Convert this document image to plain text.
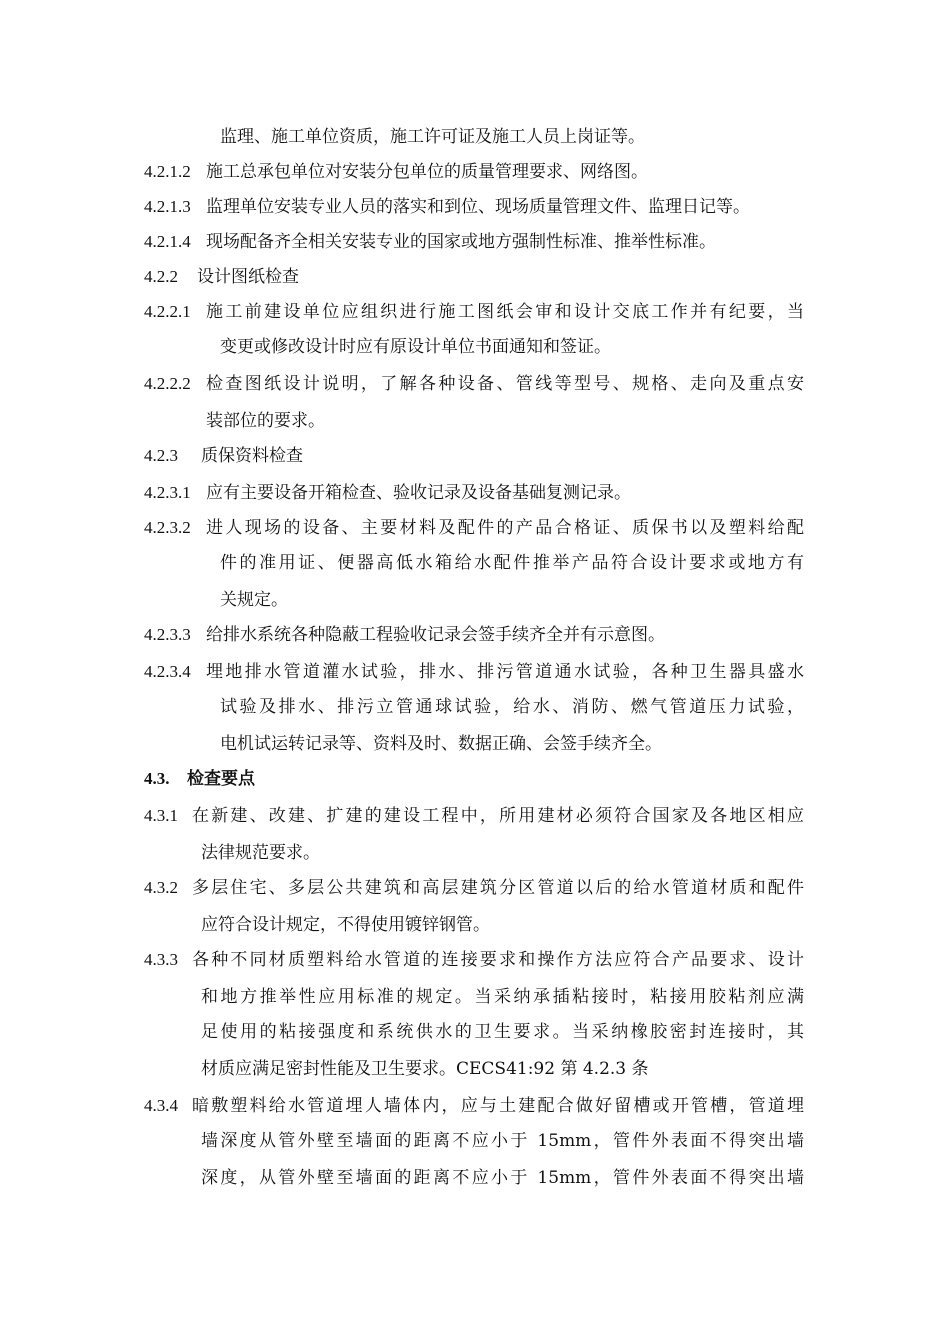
监理、施工单位资质，施工许可证及施工人员上岗证等。
4.2.1.2 施工总承包单位对安装分包单位的质量管理要求、网络图。
4.2.1.3 监理单位安装专业人员的落实和到位、现场质量管理文件、监理日记等。
4.2.1.4 现场配备齐全相关安装专业的国家或地方强制性标准、推举性标准。
4.2.2 设计图纸检查
4.2.2.1 施工前建设单位应组织进行施工图纸会审和设计交底工作并有纪要，当
变更或修改设计时应有原设计单位书面通知和签证。
4.2.2.2 检查图纸设计说明，了解各种设备、管线等型号、规格、走向及重点安
装部位的要求。
4.2.3 质保资料检查
4.2.3.1 应有主要设备开箱检查、验收记录及设备基础复测记录。
4.2.3.2 进人现场的设备、主要材料及配件的产品合格证、质保书以及塑料给配
件的准用证、便器高低水箱给水配件推举产品符合设计要求或地方有
关规定。
4.2.3.3 给排水系统各种隐蔽工程验收记录会签手续齐全并有示意图。
4.2.3.4 埋地排水管道灌水试验，排水、排污管道通水试验，各种卫生器具盛水
试验及排水、排污立管通球试验，给水、消防、燃气管道压力试验，
电机试运转记录等、资料及时、数据正确、会签手续齐全。
4.3. 检查要点
4.3.1 在新建、改建、扩建的建设工程中，所用建材必须符合国家及各地区相应
法律规范要求。
4.3.2 多层住宅、多层公共建筑和高层建筑分区管道以后的给水管道材质和配件
应符合设计规定，不得使用镀锌钢管。
4.3.3 各种不同材质塑料给水管道的连接要求和操作方法应符合产品要求、设计
和地方推举性应用标准的规定。当采纳承插粘接时，粘接用胶粘剂应满
足使用的粘接强度和系统供水的卫生要求。当采纳橡胶密封连接时，其
材质应满足密封性能及卫生要求。CECS41:92 第 4.2.3 条
4.3.4 暗敷塑料给水管道埋人墙体内，应与土建配合做好留槽或开管槽，管道埋
墙深度从管外壁至墙面的距离不应小于 15mm，管件外表面不得突出墙
深度，从管外壁至墙面的距离不应小于 15mm，管件外表面不得突出墙
